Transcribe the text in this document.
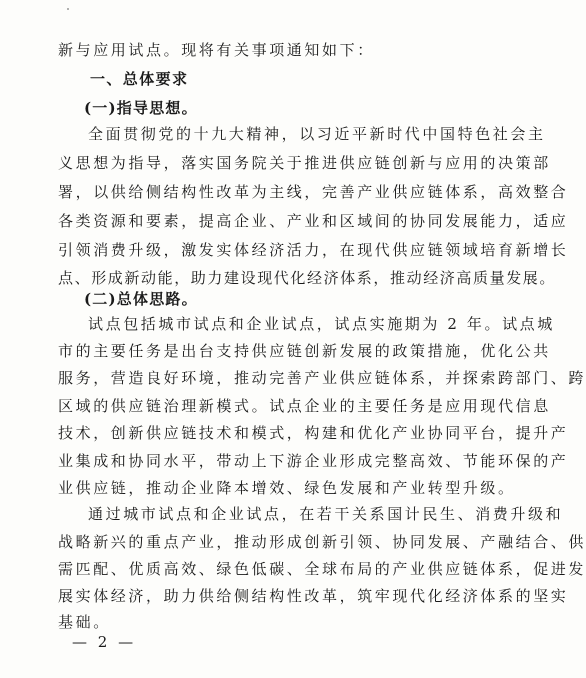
新与应用试点。现将有关事项通知如下：
一、总体要求
(一)指导思想。
全面贯彻党的十九大精神，以习近平新时代中国特色社会主
义思想为指导，落实国务院关于推进供应链创新与应用的决策部
署，以供给侧结构性改革为主线，完善产业供应链体系，高效整合
各类资源和要素，提高企业、产业和区域间的协同发展能力，适应
引领消费升级，激发实体经济活力，在现代供应链领域培育新增长
点、形成新动能，助力建设现代化经济体系，推动经济高质量发展。
(二)总体思路。
试点包括城市试点和企业试点，试点实施期为 2 年。试点城
市的主要任务是出台支持供应链创新发展的政策措施，优化公共
服务，营造良好环境，推动完善产业供应链体系，并探索跨部门、跨
区域的供应链治理新模式。试点企业的主要任务是应用现代信息
技术，创新供应链技术和模式，构建和优化产业协同平台，提升产
业集成和协同水平，带动上下游企业形成完整高效、节能环保的产
业供应链，推动企业降本增效、绿色发展和产业转型升级。
通过城市试点和企业试点，在若干关系国计民生、消费升级和
战略新兴的重点产业，推动形成创新引领、协同发展、产融结合、供
需匹配、优质高效、绿色低碳、全球布局的产业供应链体系，促进发
展实体经济，助力供给侧结构性改革，筑牢现代化经济体系的坚实
基础。
— 2 —
